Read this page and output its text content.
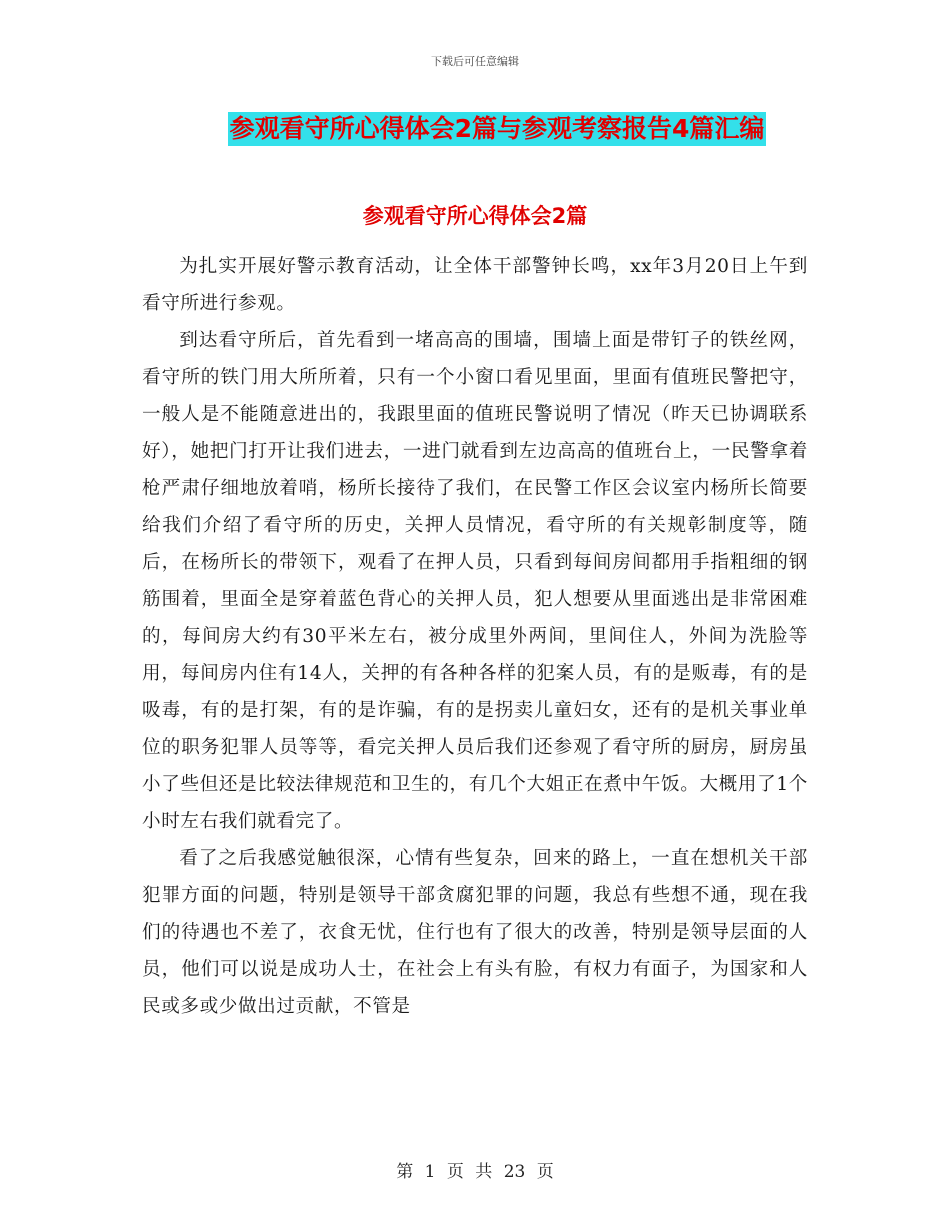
下载后可任意编辑
参观看守所心得体会2篇与参观考察报告4篇汇编
参观看守所心得体会2篇

为扎实开展好警示教育活动，让全体干部警钟长鸣，xx年3月20日上午到看守所进行参观。

到达看守所后，首先看到一堵高高的围墙，围墙上面是带钉子的铁丝网，看守所的铁门用大所所着，只有一个小窗口看见里面，里面有值班民警把守，一般人是不能随意进出的，我跟里面的值班民警说明了情况（昨天已协调联系好），她把门打开让我们进去，一进门就看到左边高高的值班台上，一民警拿着枪严肃仔细地放着哨，杨所长接待了我们，在民警工作区会议室内杨所长简要给我们介绍了看守所的历史，关押人员情况，看守所的有关规彰制度等，随后，在杨所长的带领下，观看了在押人员，只看到每间房间都用手指粗细的钢筋围着，里面全是穿着蓝色背心的关押人员，犯人想要从里面逃出是非常困难的，每间房大约有30平米左右，被分成里外两间，里间住人，外间为洗脸等用，每间房内住有14人，关押的有各种各样的犯案人员，有的是贩毒，有的是吸毒，有的是打架，有的是诈骗，有的是拐卖儿童妇女，还有的是机关事业单位的职务犯罪人员等等，看完关押人员后我们还参观了看守所的厨房，厨房虽小了些但还是比较法律规范和卫生的，有几个大姐正在煮中午饭。大概用了1个小时左右我们就看完了。

看了之后我感觉触很深，心情有些复杂，回来的路上，一直在想机关干部犯罪方面的问题，特别是领导干部贪腐犯罪的问题，我总有些想不通，现在我们的待遇也不差了，衣食无忧，住行也有了很大的改善，特别是领导层面的人员，他们可以说是成功人士，在社会上有头有脸，有权力有面子，为国家和人民或多或少做出过贡献，不管是

第 1 页 共 23 页
